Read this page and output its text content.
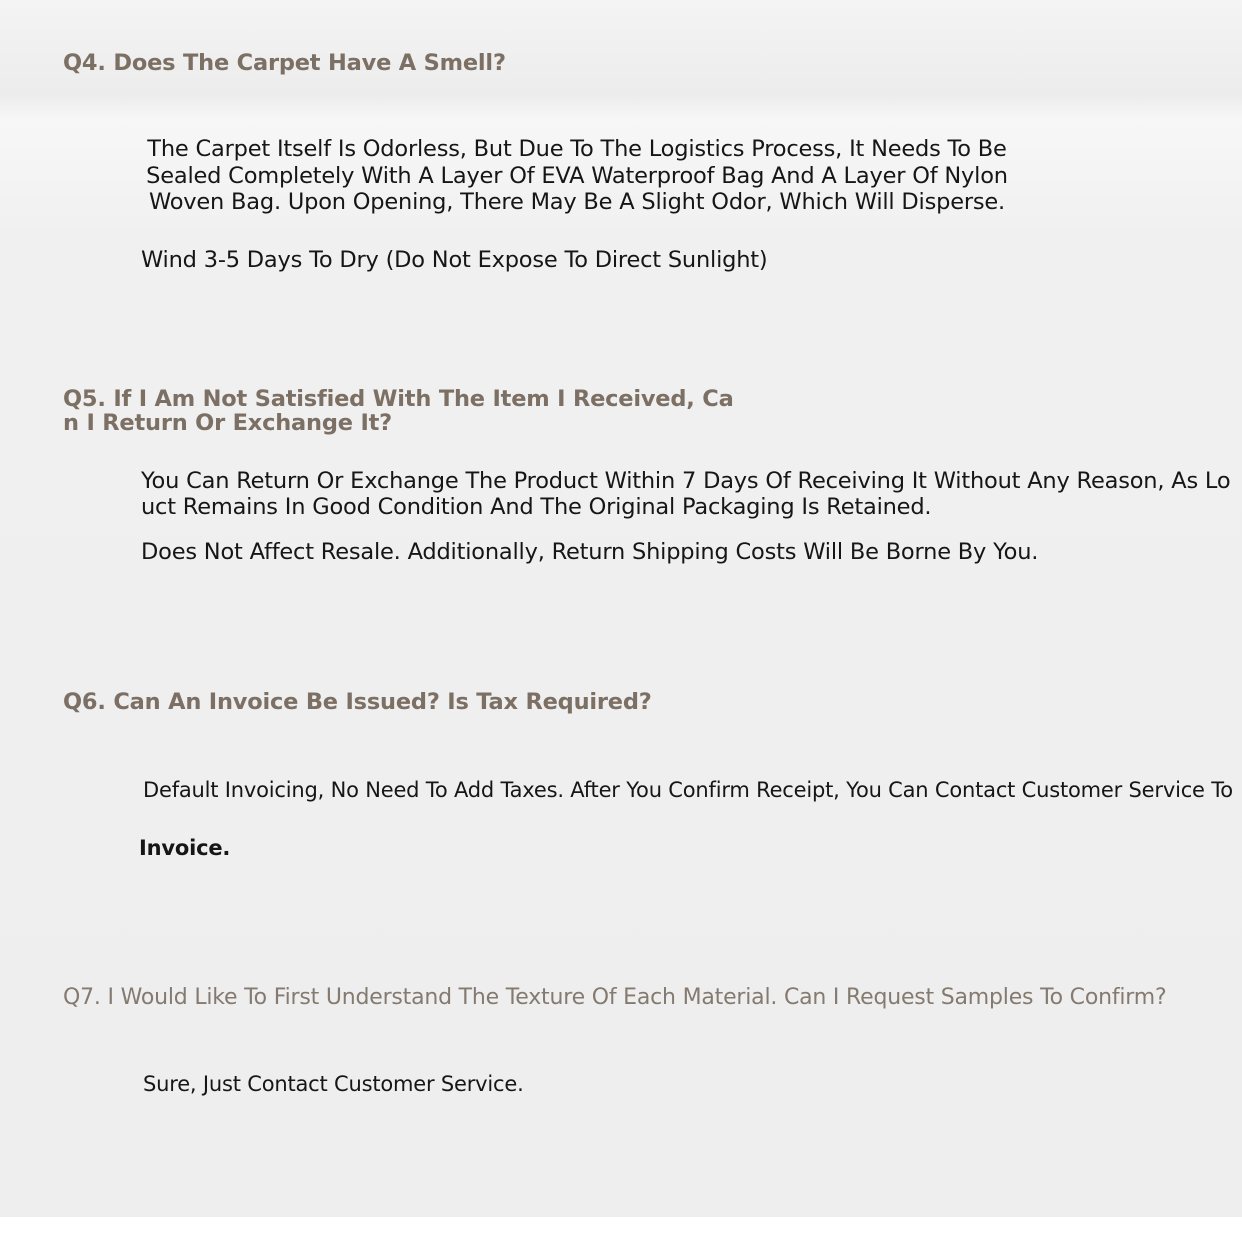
Q4. Does The Carpet Have A Smell?

The Carpet Itself Is Odorless, But Due To The Logistics Process, It Needs To Be
Sealed Completely With A Layer Of EVA Waterproof Bag And A Layer Of Nylon
Woven Bag. Upon Opening, There May Be A Slight Odor, Which Will Disperse.

Wind 3-5 Days To Dry (Do Not Expose To Direct Sunlight)

Q5. If I Am Not Satisfied With The Item I Received, Ca
n I Return Or Exchange It?

You Can Return Or Exchange The Product Within 7 Days Of Receiving It Without Any Reason, As Lo
uct Remains In Good Condition And The Original Packaging Is Retained.

Does Not Affect Resale. Additionally, Return Shipping Costs Will Be Borne By You.

Q6. Can An Invoice Be Issued? Is Tax Required?

Default Invoicing, No Need To Add Taxes. After You Confirm Receipt, You Can Contact Customer Service To

Invoice.

Q7. I Would Like To First Understand The Texture Of Each Material. Can I Request Samples To Confirm?

Sure, Just Contact Customer Service.
